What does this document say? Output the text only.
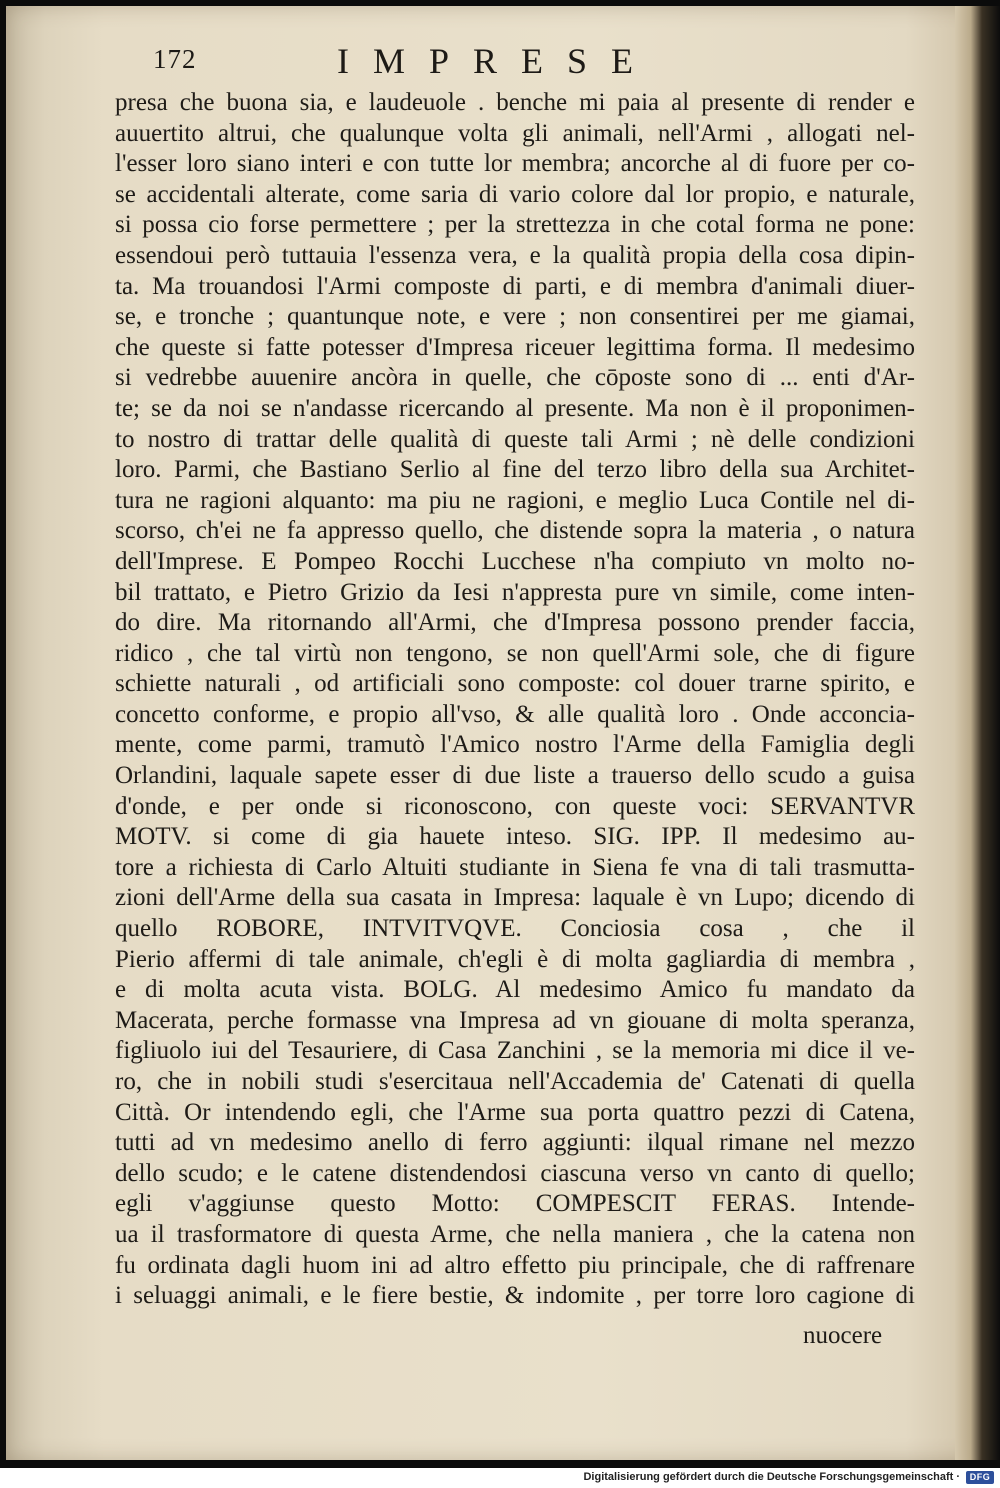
172	IMPRESE
presa che buona sia, e laudeuole . benche mi paia al presente di render e
auuertito altrui, che qualunque volta gli animali, nell'Armi , allogati nel-
l'esser loro siano interi e con tutte lor membra; ancorche al di fuore per co-
se accidentali alterate, come saria di vario colore dal lor propio, e naturale,
si possa cio forse permettere ; per la strettezza in che cotal forma ne pone:
essendoui però tuttauia l'essenza vera, e la qualità propia della cosa dipin-
ta. Ma trouandosi l'Armi composte di parti, e di membra d'animali diuer-
se, e tronche ; quantunque note, e vere ; non consentirei per me giamai,
che queste si fatte potesser d'Impresa riceuer legittima forma. Il medesimo
si vedrebbe auuenire ancòra in quelle, che cōposte sono di ... enti d'Ar-
te; se da noi se n'andasse ricercando al presente. Ma non è il proponimen-
to nostro di trattar delle qualità di queste tali Armi ; nè delle condizioni
loro. Parmi, che Bastiano Serlio al fine del terzo libro della sua Architet-
tura ne ragioni alquanto: ma piu ne ragioni, e meglio Luca Contile nel di-
scorso, ch'ei ne fa appresso quello, che distende sopra la materia , o natura
dell'Imprese. E Pompeo Rocchi Lucchese n'ha compiuto vn molto no-
bil trattato, e Pietro Grizio da Iesi n'appresta pure vn simile, come inten-
do dire. Ma ritornando all'Armi, che d'Impresa possono prender faccia,
ridico , che tal virtù non tengono, se non quell'Armi sole, che di figure
schiette naturali , od artificiali sono composte: col douer trarne spirito, e
concetto conforme, e propio all'vso, & alle qualità loro . Onde acconcia-
mente, come parmi, tramutò l'Amico nostro l'Arme della Famiglia degli
Orlandini, laquale sapete esser di due liste a trauerso dello scudo a guisa
d'onde, e per onde si riconoscono, con queste voci: SERVANTVR
MOTV. si come di gia hauete inteso. SIG. IPP. Il medesimo au-
tore a richiesta di Carlo Altuiti studiante in Siena fe vna di tali trasmutta-
zioni dell'Arme della sua casata in Impresa: laquale è vn Lupo; dicendo di
quello ROBORE, INTVITVQVE. Conciosia cosa , che il
Pierio affermi di tale animale, ch'egli è di molta gagliardia di membra ,
e di molta acuta vista. BOLG. Al medesimo Amico fu mandato da
Macerata, perche formasse vna Impresa ad vn giouane di molta speranza,
figliuolo iui del Tesauriere, di Casa Zanchini , se la memoria mi dice il ve-
ro, che in nobili studi s'esercitaua nell'Accademia de' Catenati di quella
Città. Or intendendo egli, che l'Arme sua porta quattro pezzi di Catena,
tutti ad vn medesimo anello di ferro aggiunti: ilqual rimane nel mezzo
dello scudo; e le catene distendendosi ciascuna verso vn canto di quello;
egli v'aggiunse questo Motto: COMPESCIT FERAS. Intende-
ua il trasformatore di questa Arme, che nella maniera , che la catena non
fu ordinata dagli huom ini ad altro effetto piu principale, che di raffrenare
i seluaggi animali, e le fiere bestie, & indomite , per torre loro cagione di
nuocere
Digitalisierung gefördert durch die Deutsche Forschungsgemeinschaft ·	DFG
